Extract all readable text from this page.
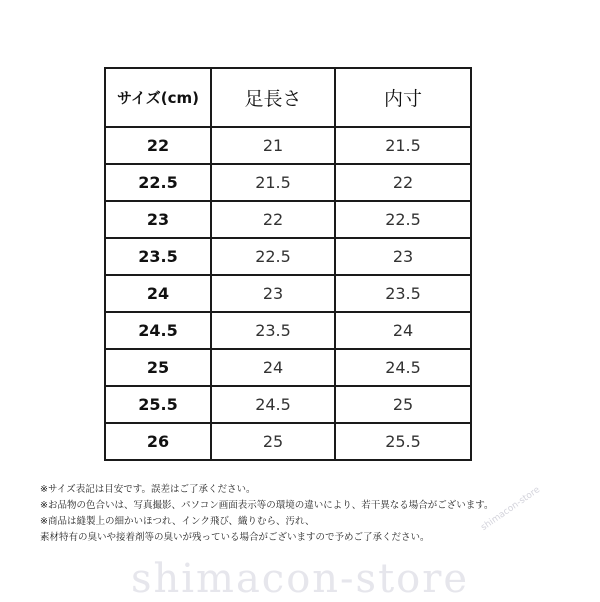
サイズ(cm)	足長さ	内寸
22	21	21.5
22.5	21.5	22
23	22	22.5
23.5	22.5	23
24	23	23.5
24.5	23.5	24
25	24	24.5
25.5	24.5	25
26	25	25.5
※サイズ表記は目安です。誤差はご了承ください。
※お品物の色合いは、写真撮影、パソコン画面表示等の環境の違いにより、若干異なる場合がございます。
※商品は縫製上の細かいほつれ、インク飛び、織りむら、汚れ、
素材特有の臭いや接着剤等の臭いが残っている場合がございますので予めご了承ください。
shimacon-store
shimacon-store
